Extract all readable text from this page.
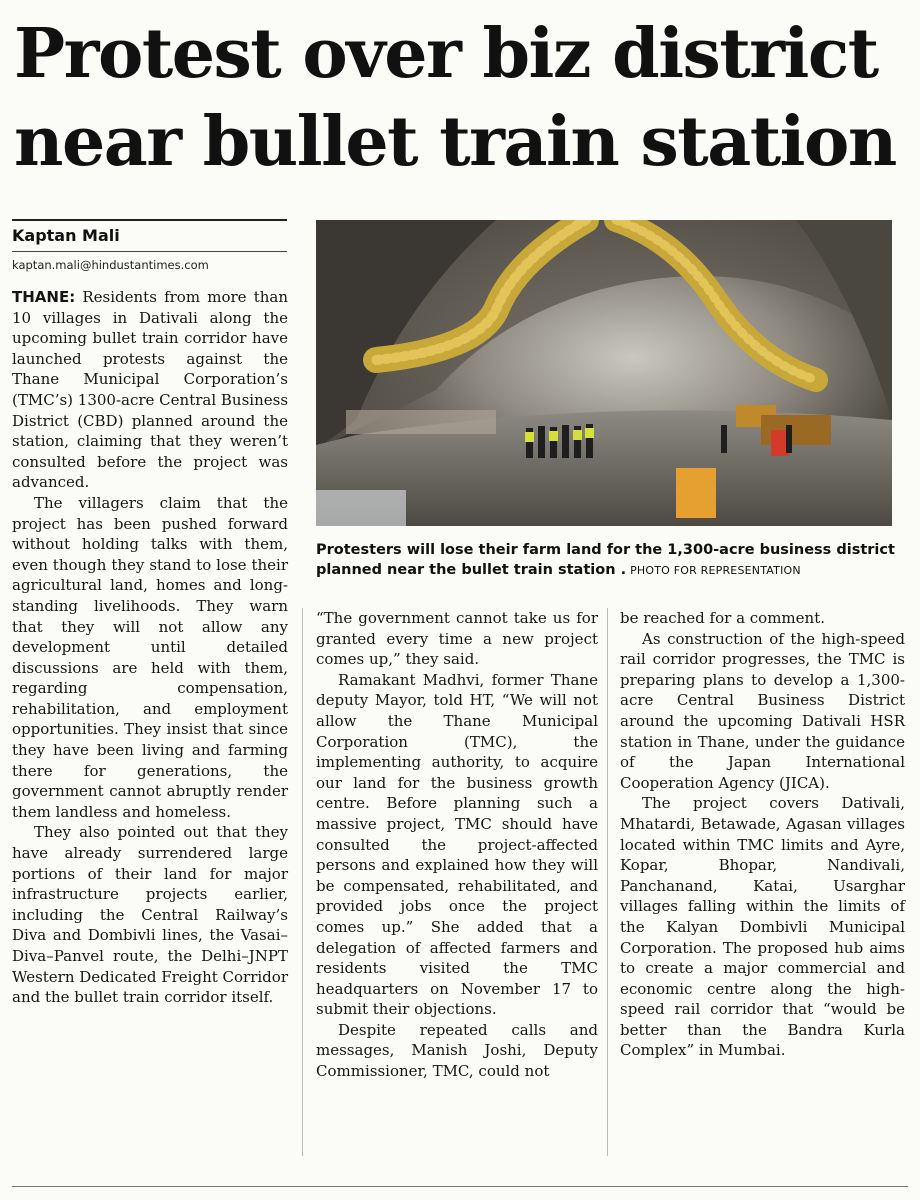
Protest over biz district near bullet train station
Kaptan Mali
kaptan.mali@hindustantimes.com

THANE: Residents from more than 10 villages in Dativali along the upcoming bullet train corridor have launched protests against the Thane Municipal Corporation’s (TMC’s) 1300-acre Central Business District (CBD) planned around the station, claiming that they weren’t consulted before the project was advanced.

The villagers claim that the project has been pushed forward without holding talks with them, even though they stand to lose their agricultural land, homes and long-standing livelihoods. They warn that they will not allow any development until detailed discussions are held with them, regarding compensation, rehabilitation, and employment opportunities. They insist that since they have been living and farming there for generations, the government cannot abruptly render them landless and homeless.

They also pointed out that they have already surrendered large portions of their land for major infrastructure projects earlier, including the Central Railway’s Diva and Dombivli lines, the Vasai–Diva–Panvel route, the Delhi–JNPT Western Dedicated Freight Corridor and the bullet train corridor itself.

Protesters will lose their farm land for the 1,300-acre business district planned near the bullet train station . PHOTO FOR REPRESENTATION

“The government cannot take us for granted every time a new project comes up,” they said.

Ramakant Madhvi, former Thane deputy Mayor, told HT, “We will not allow the Thane Municipal Corporation (TMC), the implementing authority, to acquire our land for the business growth centre. Before planning such a massive project, TMC should have consulted the project-affected persons and explained how they will be compensated, rehabilitated, and provided jobs once the project comes up.” She added that a delegation of affected farmers and residents visited the TMC headquarters on November 17 to submit their objections.

Despite repeated calls and messages, Manish Joshi, Deputy Commissioner, TMC, could not

be reached for a comment.

As construction of the high-speed rail corridor progresses, the TMC is preparing plans to develop a 1,300-acre Central Business District around the upcoming Dativali HSR station in Thane, under the guidance of the Japan International Cooperation Agency (JICA).

The project covers Dativali, Mhatardi, Betawade, Agasan villages located within TMC limits and Ayre, Kopar, Bhopar, Nandivali, Panchanand, Katai, Usarghar villages falling within the limits of the Kalyan Dombivli Municipal Corporation. The proposed hub aims to create a major commercial and economic centre along the high-speed rail corridor that “would be better than the Bandra Kurla Complex” in Mumbai.
